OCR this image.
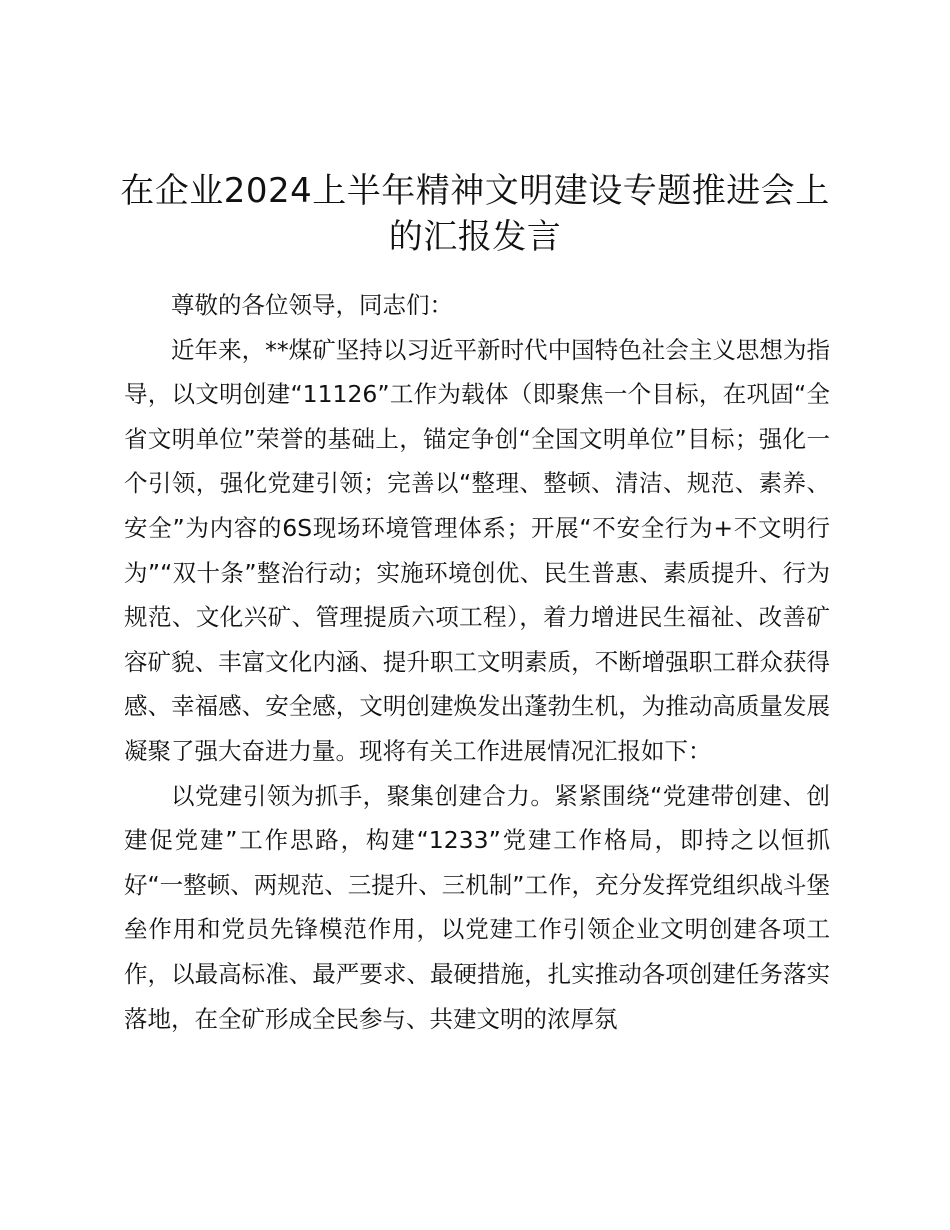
在企业2024上半年精神文明建设专题推进会上的汇报发言

尊敬的各位领导，同志们：

近年来，**煤矿坚持以习近平新时代中国特色社会主义思想为指导，以文明创建“11126”工作为载体（即聚焦一个目标，在巩固“全省文明单位”荣誉的基础上，锚定争创“全国文明单位”目标；强化一个引领，强化党建引领；完善以“整理、整顿、清洁、规范、素养、安全”为内容的6S现场环境管理体系；开展“不安全行为+不文明行为”“双十条”整治行动；实施环境创优、民生普惠、素质提升、行为规范、文化兴矿、管理提质六项工程），着力增进民生福祉、改善矿容矿貌、丰富文化内涵、提升职工文明素质，不断增强职工群众获得感、幸福感、安全感，文明创建焕发出蓬勃生机，为推动高质量发展凝聚了强大奋进力量。现将有关工作进展情况汇报如下：

以党建引领为抓手，聚集创建合力。紧紧围绕“党建带创建、创建促党建”工作思路，构建“1233”党建工作格局，即持之以恒抓好“一整顿、两规范、三提升、三机制”工作，充分发挥党组织战斗堡垒作用和党员先锋模范作用，以党建工作引领企业文明创建各项工作，以最高标准、最严要求、最硬措施，扎实推动各项创建任务落实落地，在全矿形成全民参与、共建文明的浓厚氛
